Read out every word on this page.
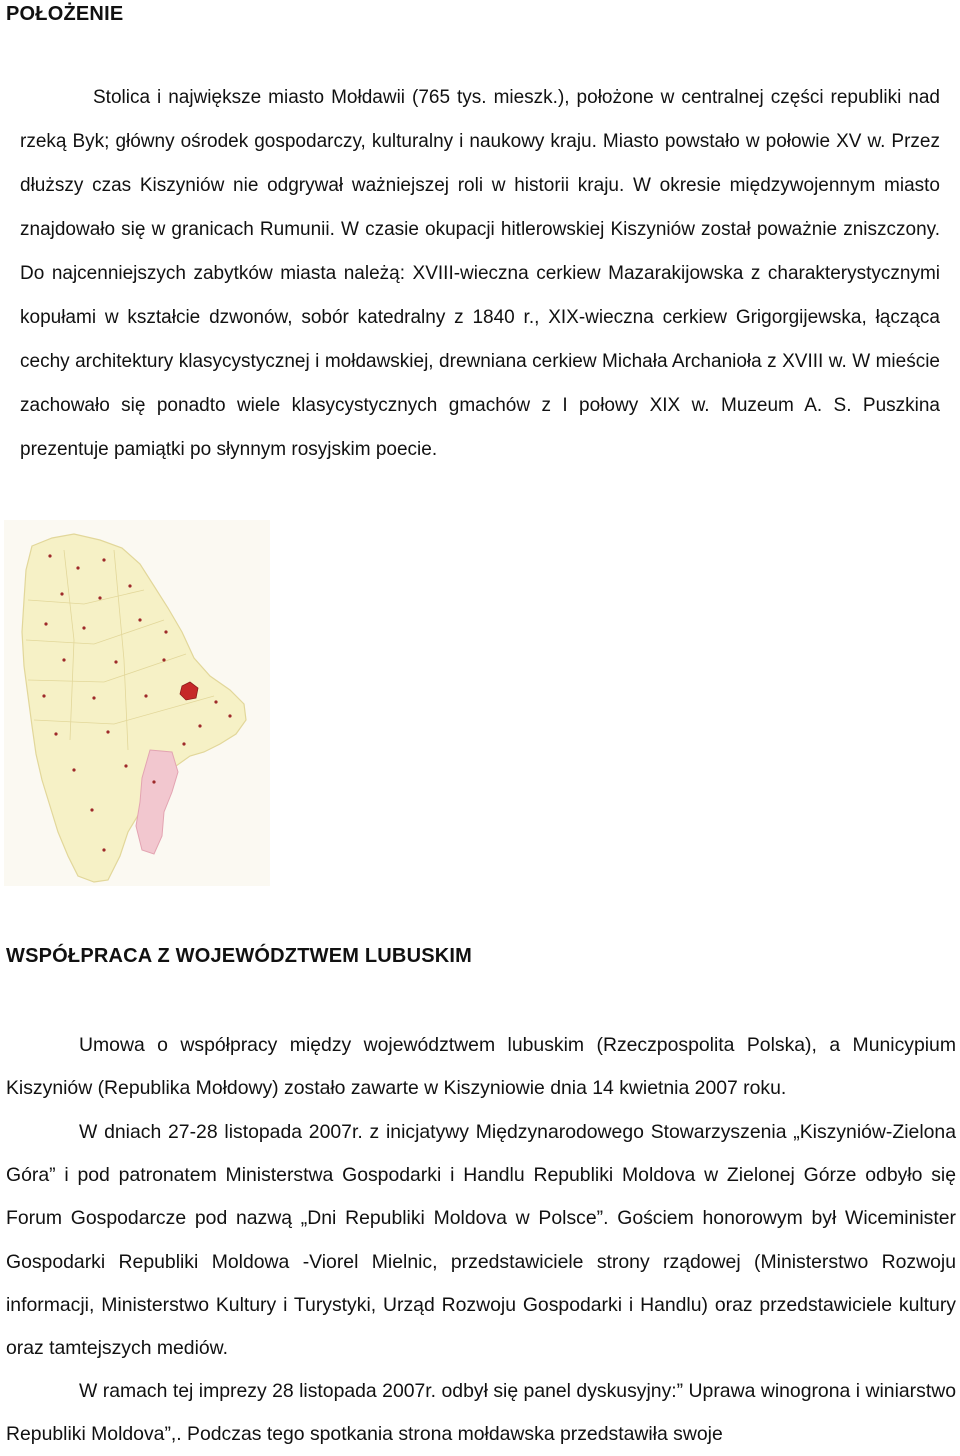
POŁOŻENIE

Stolica i największe miasto Mołdawii (765 tys. mieszk.), położone w centralnej części republiki nad rzeką Byk; główny ośrodek gospodarczy, kulturalny i naukowy kraju. Miasto powstało w połowie XV w. Przez dłuższy czas Kiszyniów nie odgrywał ważniejszej roli w historii kraju. W okresie międzywojennym miasto znajdowało się w granicach Rumunii. W czasie okupacji hitlerowskiej Kiszyniów został poważnie zniszczony. Do najcenniejszych zabytków miasta należą: XVIII-wieczna cerkiew Mazarakijowska z charakterystycznymi kopułami w kształcie dzwonów, sobór katedralny z 1840 r., XIX-wieczna cerkiew Grigorgijewska, łącząca cechy architektury klasycystycznej i mołdawskiej, drewniana cerkiew Michała Archanioła z XVIII w. W mieście zachowało się ponadto wiele klasycystycznych gmachów z I połowy XIX w. Muzeum A. S. Puszkina prezentuje pamiątki po słynnym rosyjskim poecie.

WSPÓŁPRACA Z WOJEWÓDZTWEM LUBUSKIM

Umowa o współpracy między województwem lubuskim (Rzeczpospolita Polska), a Municypium Kiszyniów (Republika Mołdowy) zostało zawarte w Kiszyniowie dnia 14 kwietnia 2007 roku.

W dniach 27-28 listopada 2007r. z inicjatywy Międzynarodowego Stowarzyszenia „Kiszyniów-Zielona Góra” i pod patronatem Ministerstwa Gospodarki i Handlu Republiki Moldova w Zielonej Górze odbyło się Forum Gospodarcze pod nazwą „Dni Republiki Moldova w Polsce”. Gościem honorowym był Wiceminister Gospodarki Republiki Moldowa -Viorel Mielnic, przedstawiciele strony rządowej (Ministerstwo Rozwoju informacji, Ministerstwo Kultury i Turystyki, Urząd Rozwoju Gospodarki i Handlu) oraz przedstawiciele kultury oraz tamtejszych mediów.

W ramach tej imprezy 28 listopada 2007r. odbył się panel dyskusyjny:” Uprawa winogrona i winiarstwo Republiki Moldova”,. Podczas tego spotkania strona mołdawska przedstawiła swoje
